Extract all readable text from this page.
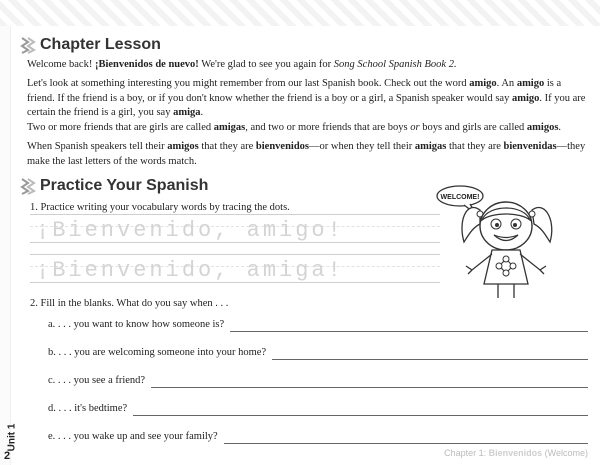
Chapter Lesson

Welcome back! ¡Bienvenidos de nuevo! We're glad to see you again for Song School Spanish Book 2.

Let's look at something interesting you might remember from our last Spanish book. Check out the word amigo. An amigo is a friend. If the friend is a boy, or if you don't know whether the friend is a boy or a girl, a Spanish speaker would say amigo. If you are certain the friend is a girl, you say amiga.

Two or more friends that are girls are called amigas, and two or more friends that are boys or boys and girls are called amigos.

When Spanish speakers tell their amigos that they are bienvenidos—or when they tell their amigas that they are bienvenidas—they make the last letters of the words match.

Practice Your Spanish
1. Practice writing your vocabulary words by tracing the dots.
¡Bienvenido, amigo!
¡Bienvenido, amiga!
WELCOME!
2. Fill in the blanks. What do you say when . . .
a. . . . you want to know how someone is?
b. . . . you are welcoming someone into your home?
c. . . . you see a friend?
d. . . . it's bedtime?
e. . . . you wake up and see your family?
Unit 1
2	Chapter 1: Bienvenidos (Welcome)
